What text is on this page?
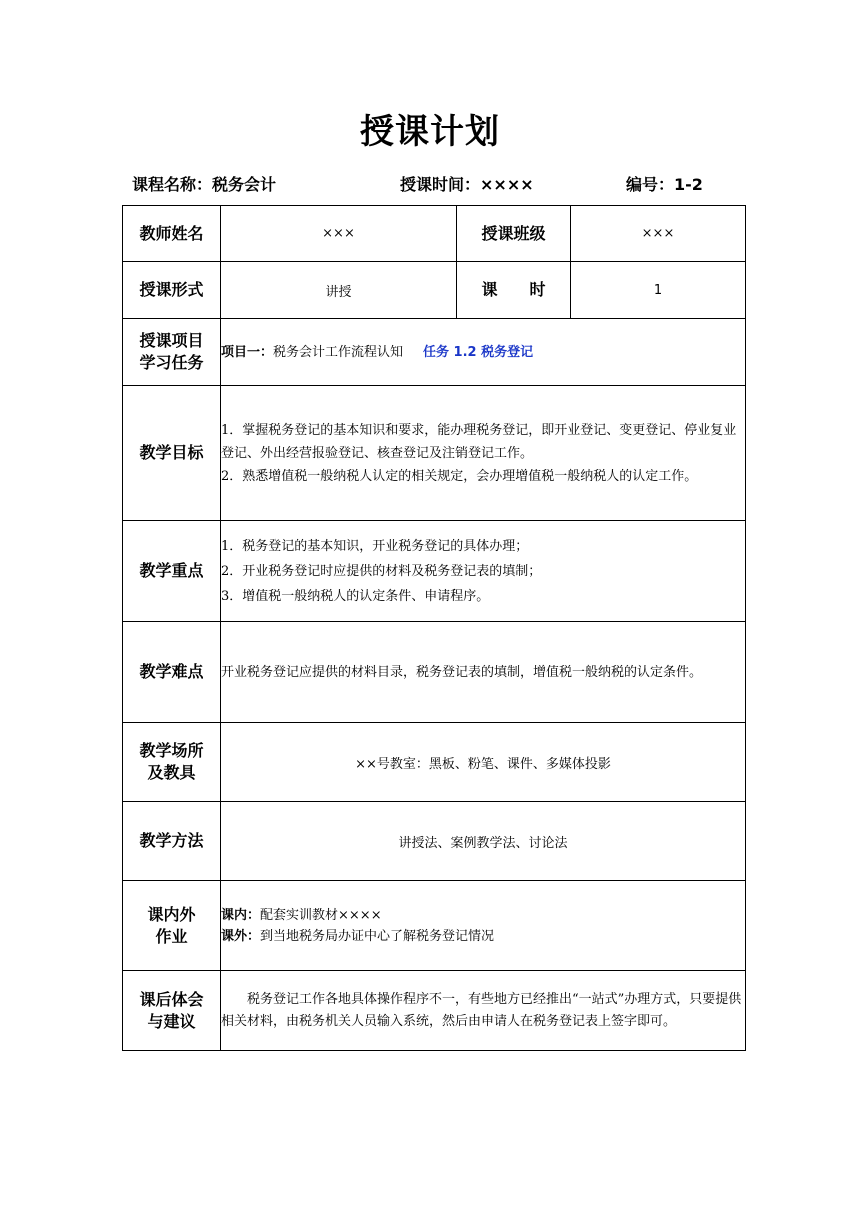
授课计划
课程名称：税务会计	授课时间：××××	编号：1-2
教师姓名	×××	授课班级	×××
授课形式	讲授	课　　时	1

授课项目
学习任务	项目一：税务会计工作流程认知 任务 1.2 税务登记		
教学目标	1．掌握税务登记的基本知识和要求，能办理税务登记，即开业登记、变更登记、停业复业登记、外出经营报验登记、核查登记及注销登记工作。
2．熟悉增值税一般纳税人认定的相关规定，会办理增值税一般纳税人的认定工作。		

教学重点	1．税务登记的基本知识，开业税务登记的具体办理；
2．开业税务登记时应提供的材料及税务登记表的填制；
3．增值税一般纳税人的认定条件、申请程序。		

教学难点	开业税务登记应提供的材料目录，税务登记表的填制，增值税一般纳税的认定条件。		

教学场所
及教具	××号教室：黑板、粉笔、课件、多媒体投影		
教学方法	讲授法、案例教学法、讨论法		

课内外
作业	课内：配套实训教材××××
课外：到当地税务局办证中心了解税务登记情况		

课后体会
与建议	税务登记工作各地具体操作程序不一，有些地方已经推出“一站式”办理方式，只要提供相关材料，由税务机关人员输入系统，然后由申请人在税务登记表上签字即可。		
